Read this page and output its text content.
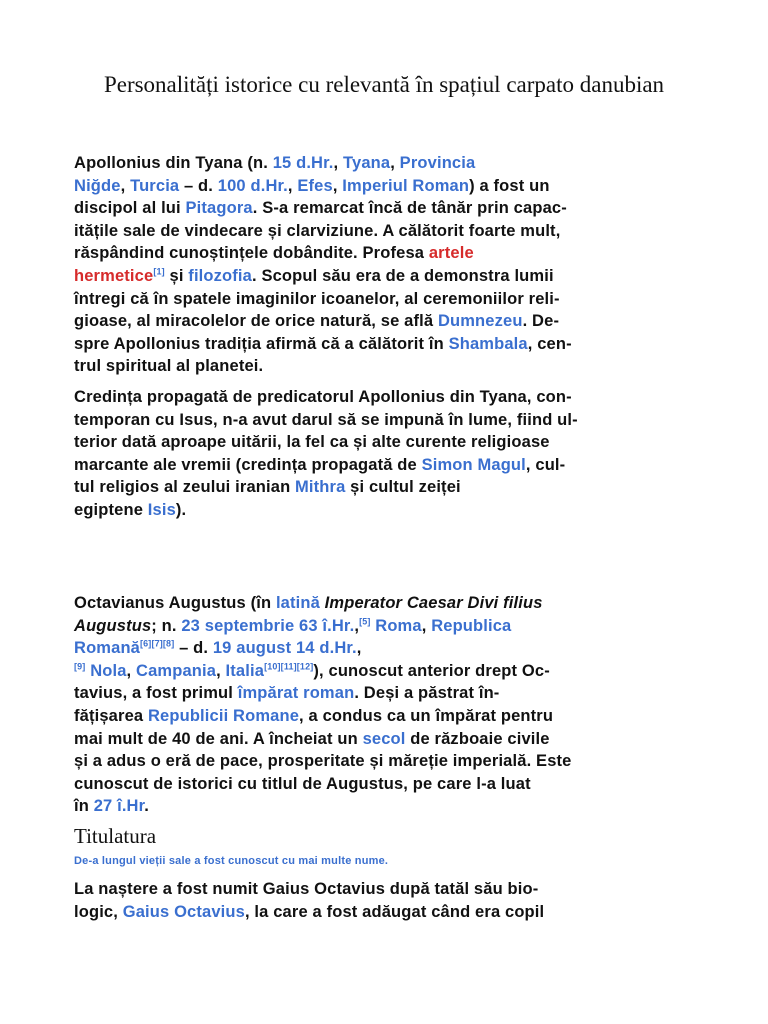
Personalități istorice cu relevantă în spațiul carpato danubian
Apollonius din Tyana (n. 15 d.Hr., Tyana, Provincia
Niğde, Turcia – d. 100 d.Hr., Efes, Imperiul Roman) a fost un
discipol al lui Pitagora. S-a remarcat încă de tânăr prin capac-
itățile sale de vindecare și clarviziune. A călătorit foarte mult,
răspândind cunoștințele dobândite. Profesa artele
hermetice[1] și filozofia. Scopul său era de a demonstra lumii
întregi că în spatele imaginilor icoanelor, al ceremoniilor reli-
gioase, al miracolelor de orice natură, se află Dumnezeu. De-
spre Apollonius tradiția afirmă că a călătorit în Shambala, cen-
trul spiritual al planetei.
Credința propagată de predicatorul Apollonius din Tyana, con-
temporan cu Isus, n-a avut darul să se impună în lume, fiind ul-
terior dată aproape uitării, la fel ca și alte curente religioase
marcante ale vremii (credința propagată de Simon Magul, cul-
tul religios al zeului iranian Mithra și cultul zeiței
egiptene Isis).
Octavianus Augustus (în latină Imperator Caesar Divi filius
Augustus; n. 23 septembrie 63 î.Hr.,[5] Roma, Republica
Romană[6][7][8] – d. 19 august 14 d.Hr.,
[9] Nola, Campania, Italia[10][11][12]), cunoscut anterior drept Oc-
tavius, a fost primul împărat roman. Deși a păstrat în-
fățișarea Republicii Romane, a condus ca un împărat pentru
mai mult de 40 de ani. A încheiat un secol de războaie civile
și a adus o eră de pace, prosperitate și măreție imperială. Este
cunoscut de istorici cu titlul de Augustus, pe care l-a luat
în 27 î.Hr.
Titulatura
De-a lungul vieții sale a fost cunoscut cu mai multe nume.
La naștere a fost numit Gaius Octavius după tatăl său bio-
logic, Gaius Octavius, la care a fost adăugat când era copil
